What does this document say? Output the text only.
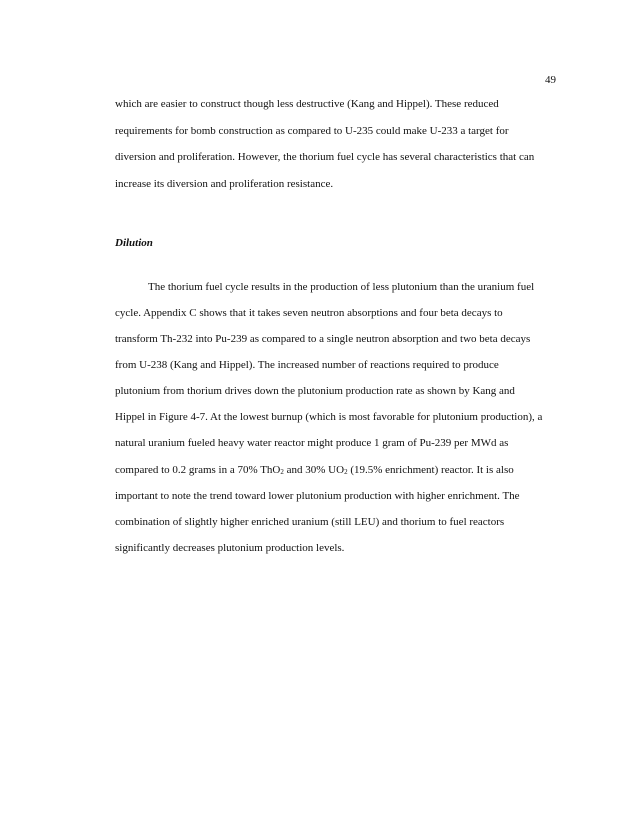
49
which are easier to construct though less destructive (Kang and Hippel). These reduced
requirements for bomb construction as compared to U-235 could make U-233 a target for
diversion and proliferation. However, the thorium fuel cycle has several characteristics that can
increase its diversion and proliferation resistance.
Dilution
The thorium fuel cycle results in the production of less plutonium than the uranium fuel
cycle. Appendix C shows that it takes seven neutron absorptions and four beta decays to
transform Th-232 into Pu-239 as compared to a single neutron absorption and two beta decays
from U-238 (Kang and Hippel). The increased number of reactions required to produce
plutonium from thorium drives down the plutonium production rate as shown by Kang and
Hippel in Figure 4-7. At the lowest burnup (which is most favorable for plutonium production), a
natural uranium fueled heavy water reactor might produce 1 gram of Pu-239 per MWd as
compared to 0.2 grams in a 70% ThO$_2$ and 30% $UO_2$ (19.5% enrichment) reactor. It is also
important to note the trend toward lower plutonium production with higher enrichment. The
combination of slightly higher enriched uranium (still LEU) and thorium to fuel reactors
significantly decreases plutonium production levels.
